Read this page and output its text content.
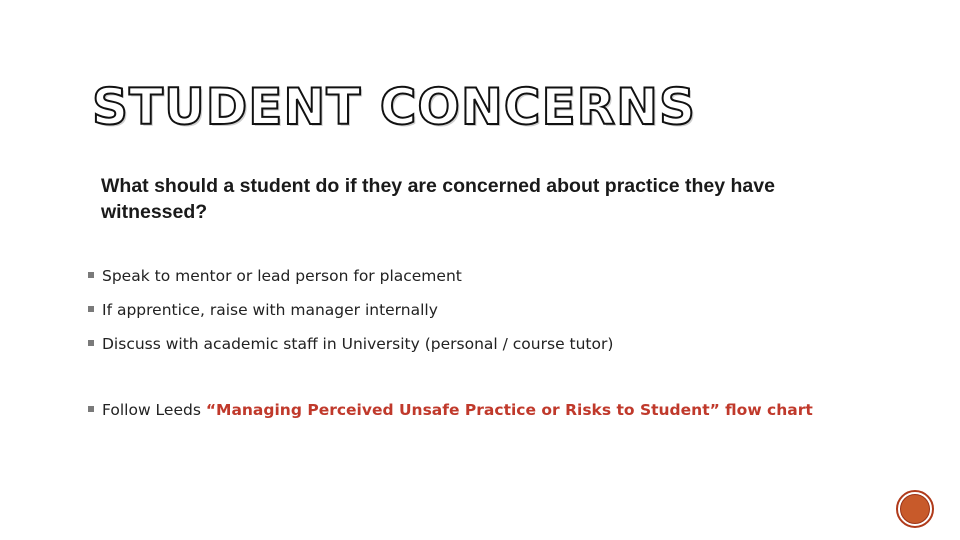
STUDENT CONCERNS
What should a student do if they are concerned about practice they have witnessed?
Speak to mentor or lead person for placement
If apprentice, raise with manager internally
Discuss with academic staff in University (personal / course tutor)
Follow Leeds “Managing Perceived Unsafe Practice or Risks to Student” flow chart
